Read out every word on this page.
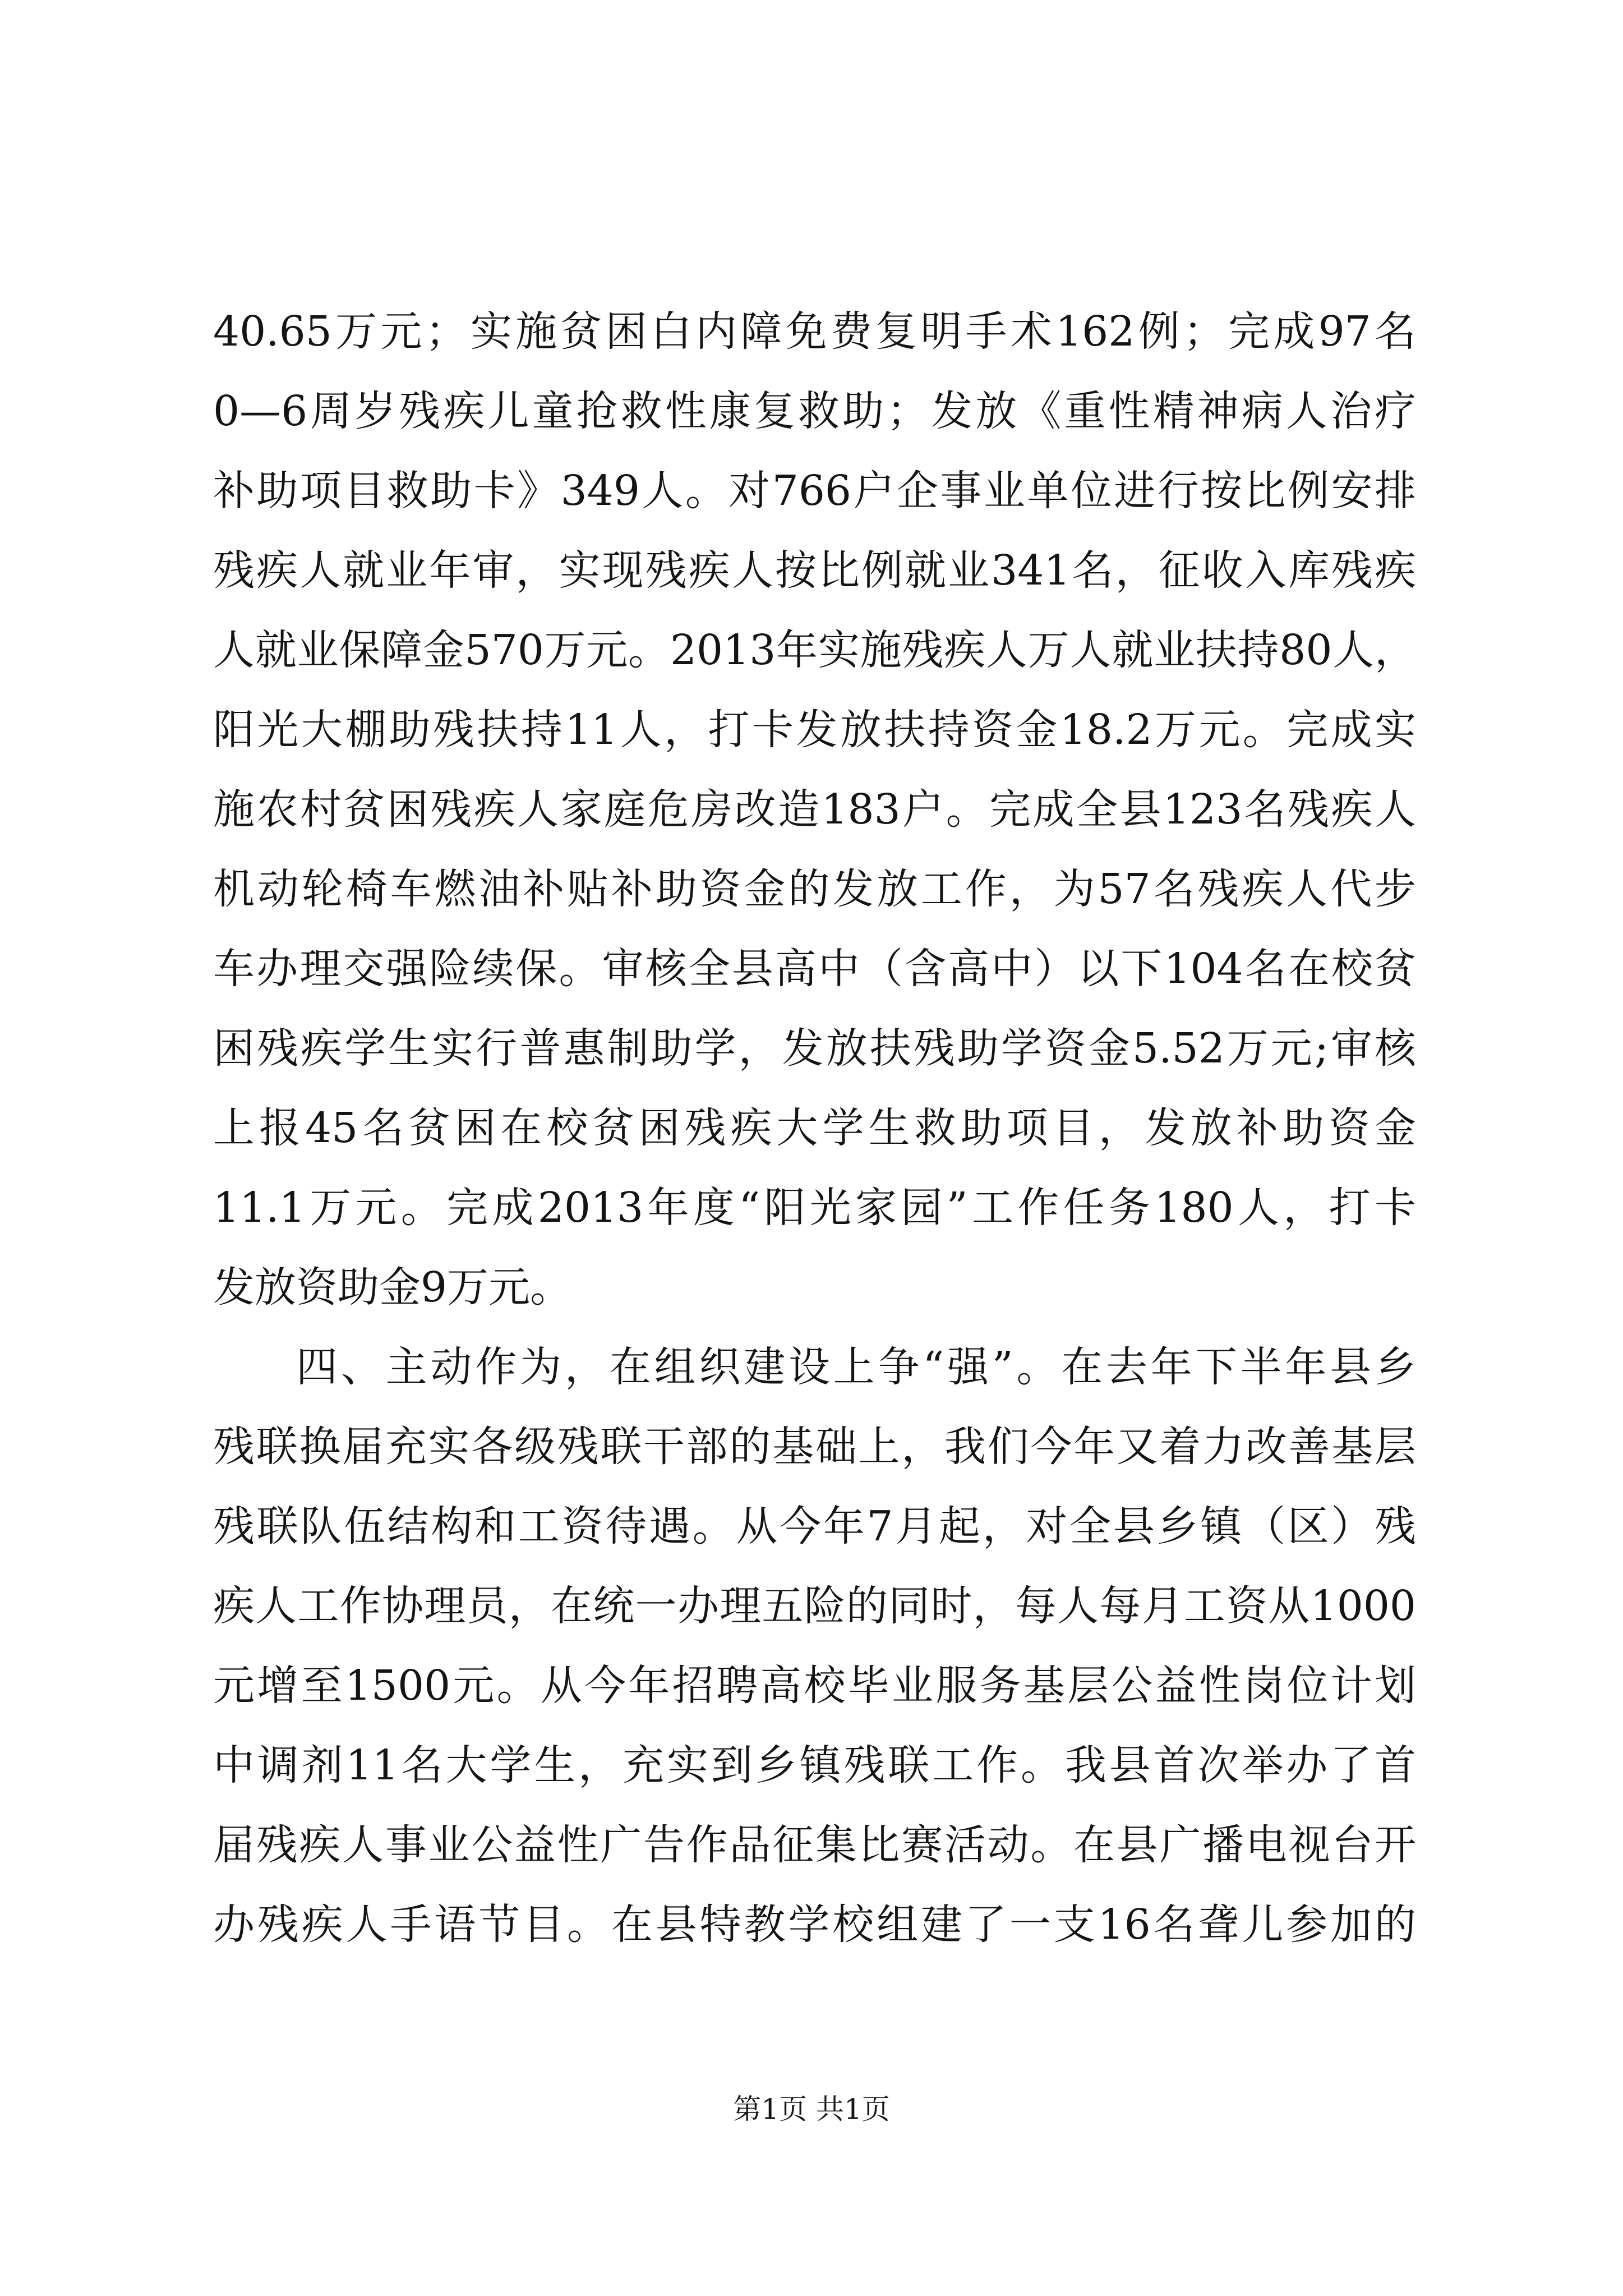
40.65万元；实施贫困白内障免费复明手术162例；完成97名
0—6周岁残疾儿童抢救性康复救助；发放《重性精神病人治疗
补助项目救助卡》349人。对766户企事业单位进行按比例安排
残疾人就业年审，实现残疾人按比例就业341名，征收入库残疾
人就业保障金570万元。2013年实施残疾人万人就业扶持80人，
阳光大棚助残扶持11人，打卡发放扶持资金18.2万元。完成实
施农村贫困残疾人家庭危房改造183户。完成全县123名残疾人
机动轮椅车燃油补贴补助资金的发放工作，为57名残疾人代步
车办理交强险续保。审核全县高中（含高中）以下104名在校贫
困残疾学生实行普惠制助学，发放扶残助学资金5.52万元;审核
上报45名贫困在校贫困残疾大学生救助项目，发放补助资金
11.1万元。完成2013年度“阳光家园”工作任务180人，打卡
发放资助金9万元。
四、主动作为，在组织建设上争“强”。在去年下半年县乡
残联换届充实各级残联干部的基础上，我们今年又着力改善基层
残联队伍结构和工资待遇。从今年7月起，对全县乡镇（区）残
疾人工作协理员，在统一办理五险的同时，每人每月工资从1000
元增至1500元。从今年招聘高校毕业服务基层公益性岗位计划
中调剂11名大学生，充实到乡镇残联工作。我县首次举办了首
届残疾人事业公益性广告作品征集比赛活动。在县广播电视台开
办残疾人手语节目。在县特教学校组建了一支16名聋儿参加的
第1页 共1页
